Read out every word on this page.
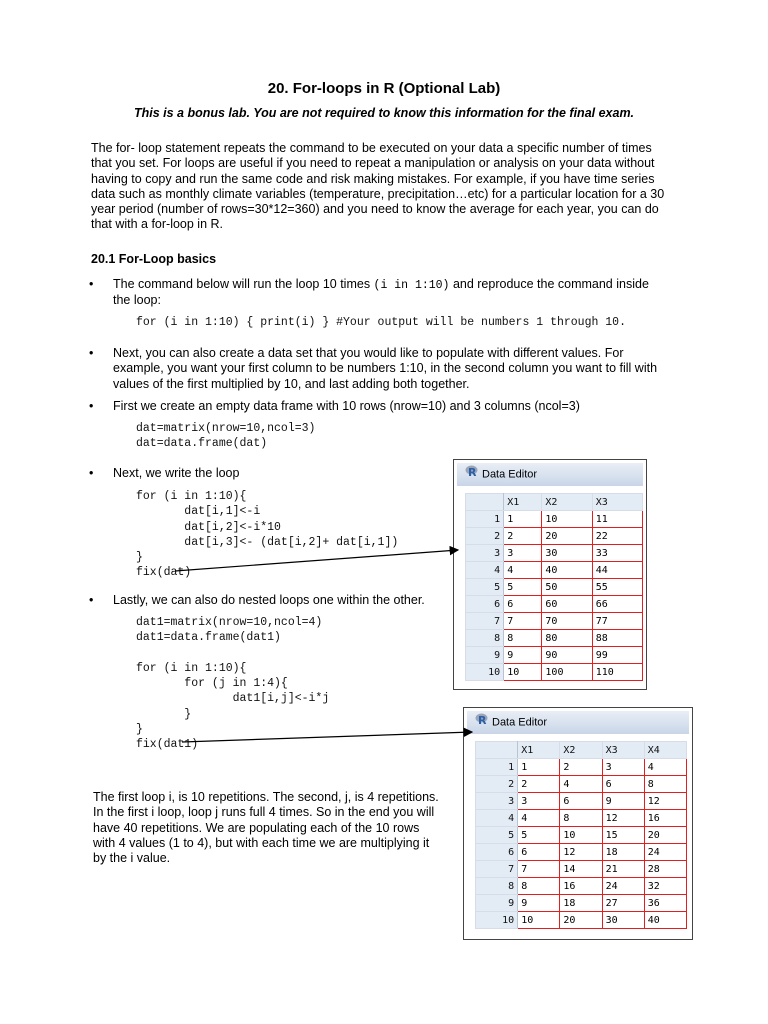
20. For-loops in R (Optional Lab)
This is a bonus lab. You are not required to know this information for the final exam.
The for- loop statement repeats the command to be executed on your data a specific number of times
that you set. For loops are useful if you need to repeat a manipulation or analysis on your data without
having to copy and run the same code and risk making mistakes. For example, if you have time series
data such as monthly climate variables (temperature, precipitation…etc) for a particular location for a 30
year period (number of rows=30*12=360) and you need to know the average for each year, you can do
that with a for-loop in R.
20.1 For-Loop basics
• The command below will run the loop 10 times (i in 1:10) and reproduce the command inside
the loop:
for (i in 1:10) { print(i) } #Your output will be numbers 1 through 10.
• Next, you can also create a data set that you would like to populate with different values. For
example, you want your first column to be numbers 1:10, in the second column you want to fill with
values of the first multiplied by 10, and last adding both together.
• First we create an empty data frame with 10 rows (nrow=10) and 3 columns (ncol=3)
dat=matrix(nrow=10,ncol=3)
dat=data.frame(dat)
• Next, we write the loop
for (i in 1:10){
dat[i,1]<-i
dat[i,2]<-i*10
dat[i,3]<- (dat[i,2]+ dat[i,1])
}
fix(dat)
• Lastly, we can also do nested loops one within the other.
dat1=matrix(nrow=10,ncol=4)
dat1=data.frame(dat1)

for (i in 1:10){
for (j in 1:4){
dat1[i,j]<-i*j
}
}
fix(dat1)
The first loop i, is 10 repetitions. The second, j, is 4 repetitions.
In the first i loop, loop j runs full 4 times. So in the end you will
have 40 repetitions. We are populating each of the 10 rows
with 4 values (1 to 4), but with each time we are multiplying it
by the i value.
R Data Editor
	X1	X2	X3
1	1	10	11
2	2	20	22
3	3	30	33
4	4	40	44
5	5	50	55
6	6	60	66
7	7	70	77
8	8	80	88
9	9	90	99
10	10	100	110
R Data Editor
	X1	X2	X3	X4
1	1	2	3	4
2	2	4	6	8
3	3	6	9	12
4	4	8	12	16
5	5	10	15	20
6	6	12	18	24
7	7	14	21	28
8	8	16	24	32
9	9	18	27	36
10	10	20	30	40
